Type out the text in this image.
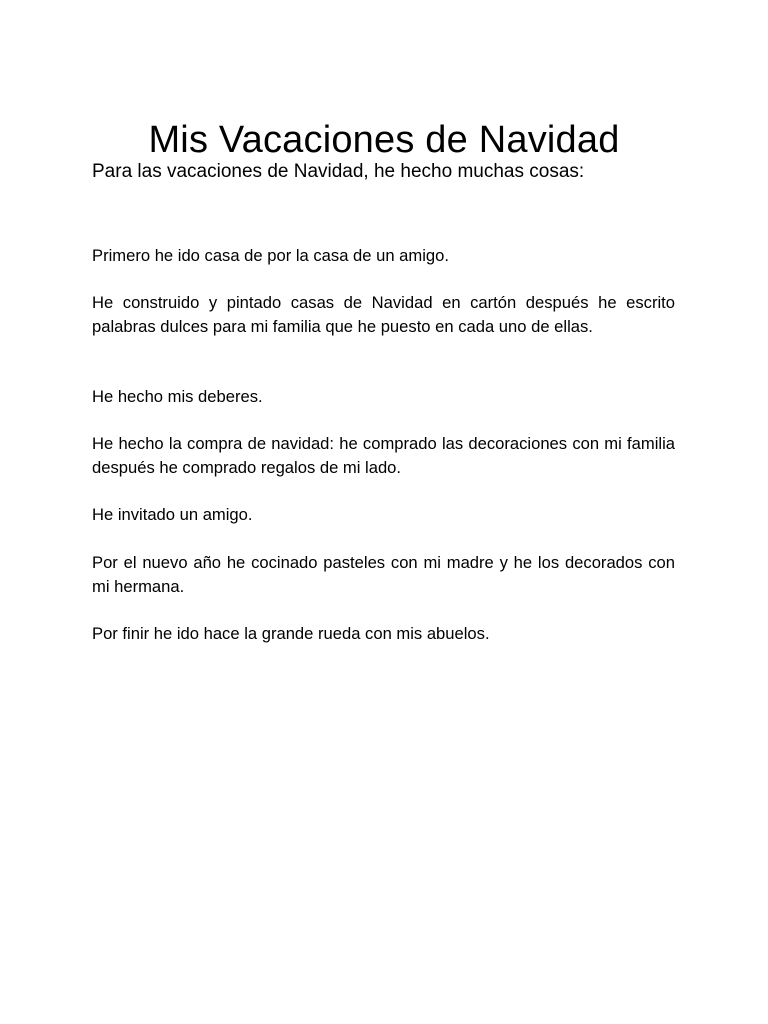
Mis Vacaciones de Navidad
Para las vacaciones de Navidad, he hecho muchas cosas:

Primero he ido casa de por la casa de un amigo.

He construido y pintado casas de Navidad en cartón después he escrito palabras dulces para mi familia que he puesto en cada uno de ellas.

He hecho mis deberes.

He hecho la compra de navidad: he comprado las decoraciones con mi familia después he comprado regalos de mi lado.

He invitado un amigo.

Por el nuevo año he cocinado pasteles con mi madre y he los decorados con mi hermana.

Por finir he ido hace la grande rueda con mis abuelos.
